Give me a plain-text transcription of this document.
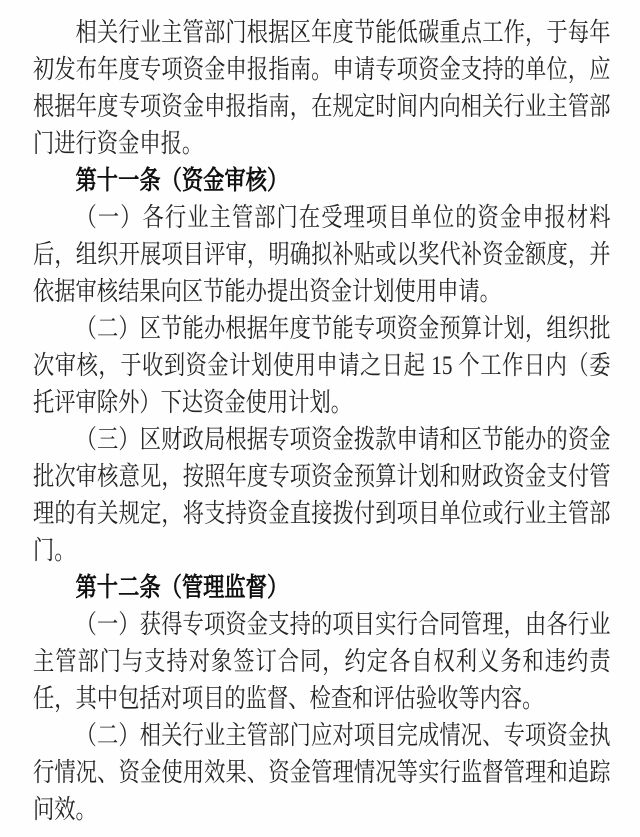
相关行业主管部门根据区年度节能低碳重点工作，于每年初发布年度专项资金申报指南。申请专项资金支持的单位，应根据年度专项资金申报指南，在规定时间内向相关行业主管部门进行资金申报。

第十一条（资金审核）

（一）各行业主管部门在受理项目单位的资金申报材料后，组织开展项目评审，明确拟补贴或以奖代补资金额度，并依据审核结果向区节能办提出资金计划使用申请。

（二）区节能办根据年度节能专项资金预算计划，组织批次审核，于收到资金计划使用申请之日起 15 个工作日内（委托评审除外）下达资金使用计划。

（三）区财政局根据专项资金拨款申请和区节能办的资金批次审核意见，按照年度专项资金预算计划和财政资金支付管理的有关规定，将支持资金直接拨付到项目单位或行业主管部门。

第十二条（管理监督）

（一）获得专项资金支持的项目实行合同管理，由各行业主管部门与支持对象签订合同，约定各自权利义务和违约责任，其中包括对项目的监督、检查和评估验收等内容。

（二）相关行业主管部门应对项目完成情况、专项资金执行情况、资金使用效果、资金管理情况等实行监督管理和追踪问效。
